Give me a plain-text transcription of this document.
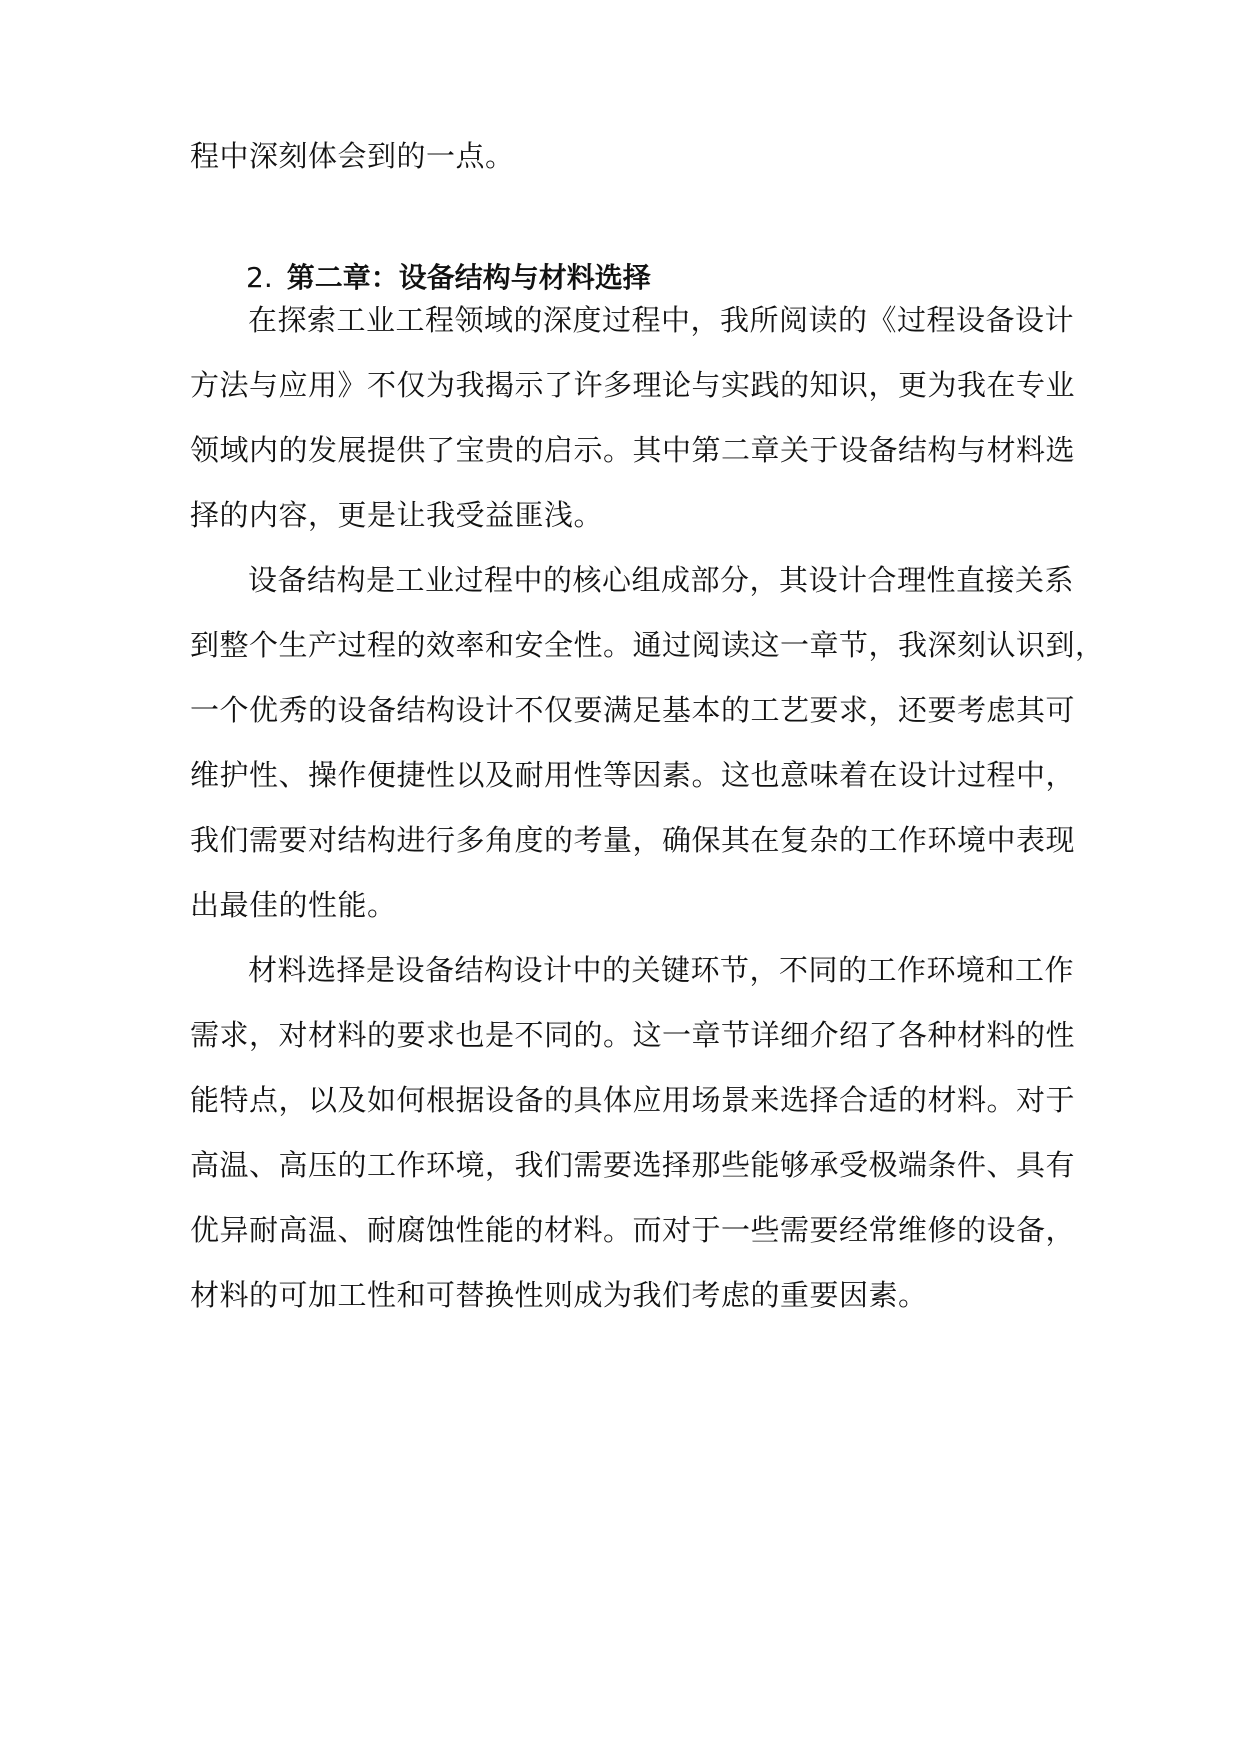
程中深刻体会到的一点。
2. 第二章：设备结构与材料选择
在探索工业工程领域的深度过程中，我所阅读的《过程设备设计
方法与应用》不仅为我揭示了许多理论与实践的知识，更为我在专业
领域内的发展提供了宝贵的启示。其中第二章关于设备结构与材料选
择的内容，更是让我受益匪浅。
设备结构是工业过程中的核心组成部分，其设计合理性直接关系
到整个生产过程的效率和安全性。通过阅读这一章节，我深刻认识到，
一个优秀的设备结构设计不仅要满足基本的工艺要求，还要考虑其可
维护性、操作便捷性以及耐用性等因素。这也意味着在设计过程中，
我们需要对结构进行多角度的考量，确保其在复杂的工作环境中表现
出最佳的性能。
材料选择是设备结构设计中的关键环节，不同的工作环境和工作
需求，对材料的要求也是不同的。这一章节详细介绍了各种材料的性
能特点，以及如何根据设备的具体应用场景来选择合适的材料。对于
高温、高压的工作环境，我们需要选择那些能够承受极端条件、具有
优异耐高温、耐腐蚀性能的材料。而对于一些需要经常维修的设备，
材料的可加工性和可替换性则成为我们考虑的重要因素。
